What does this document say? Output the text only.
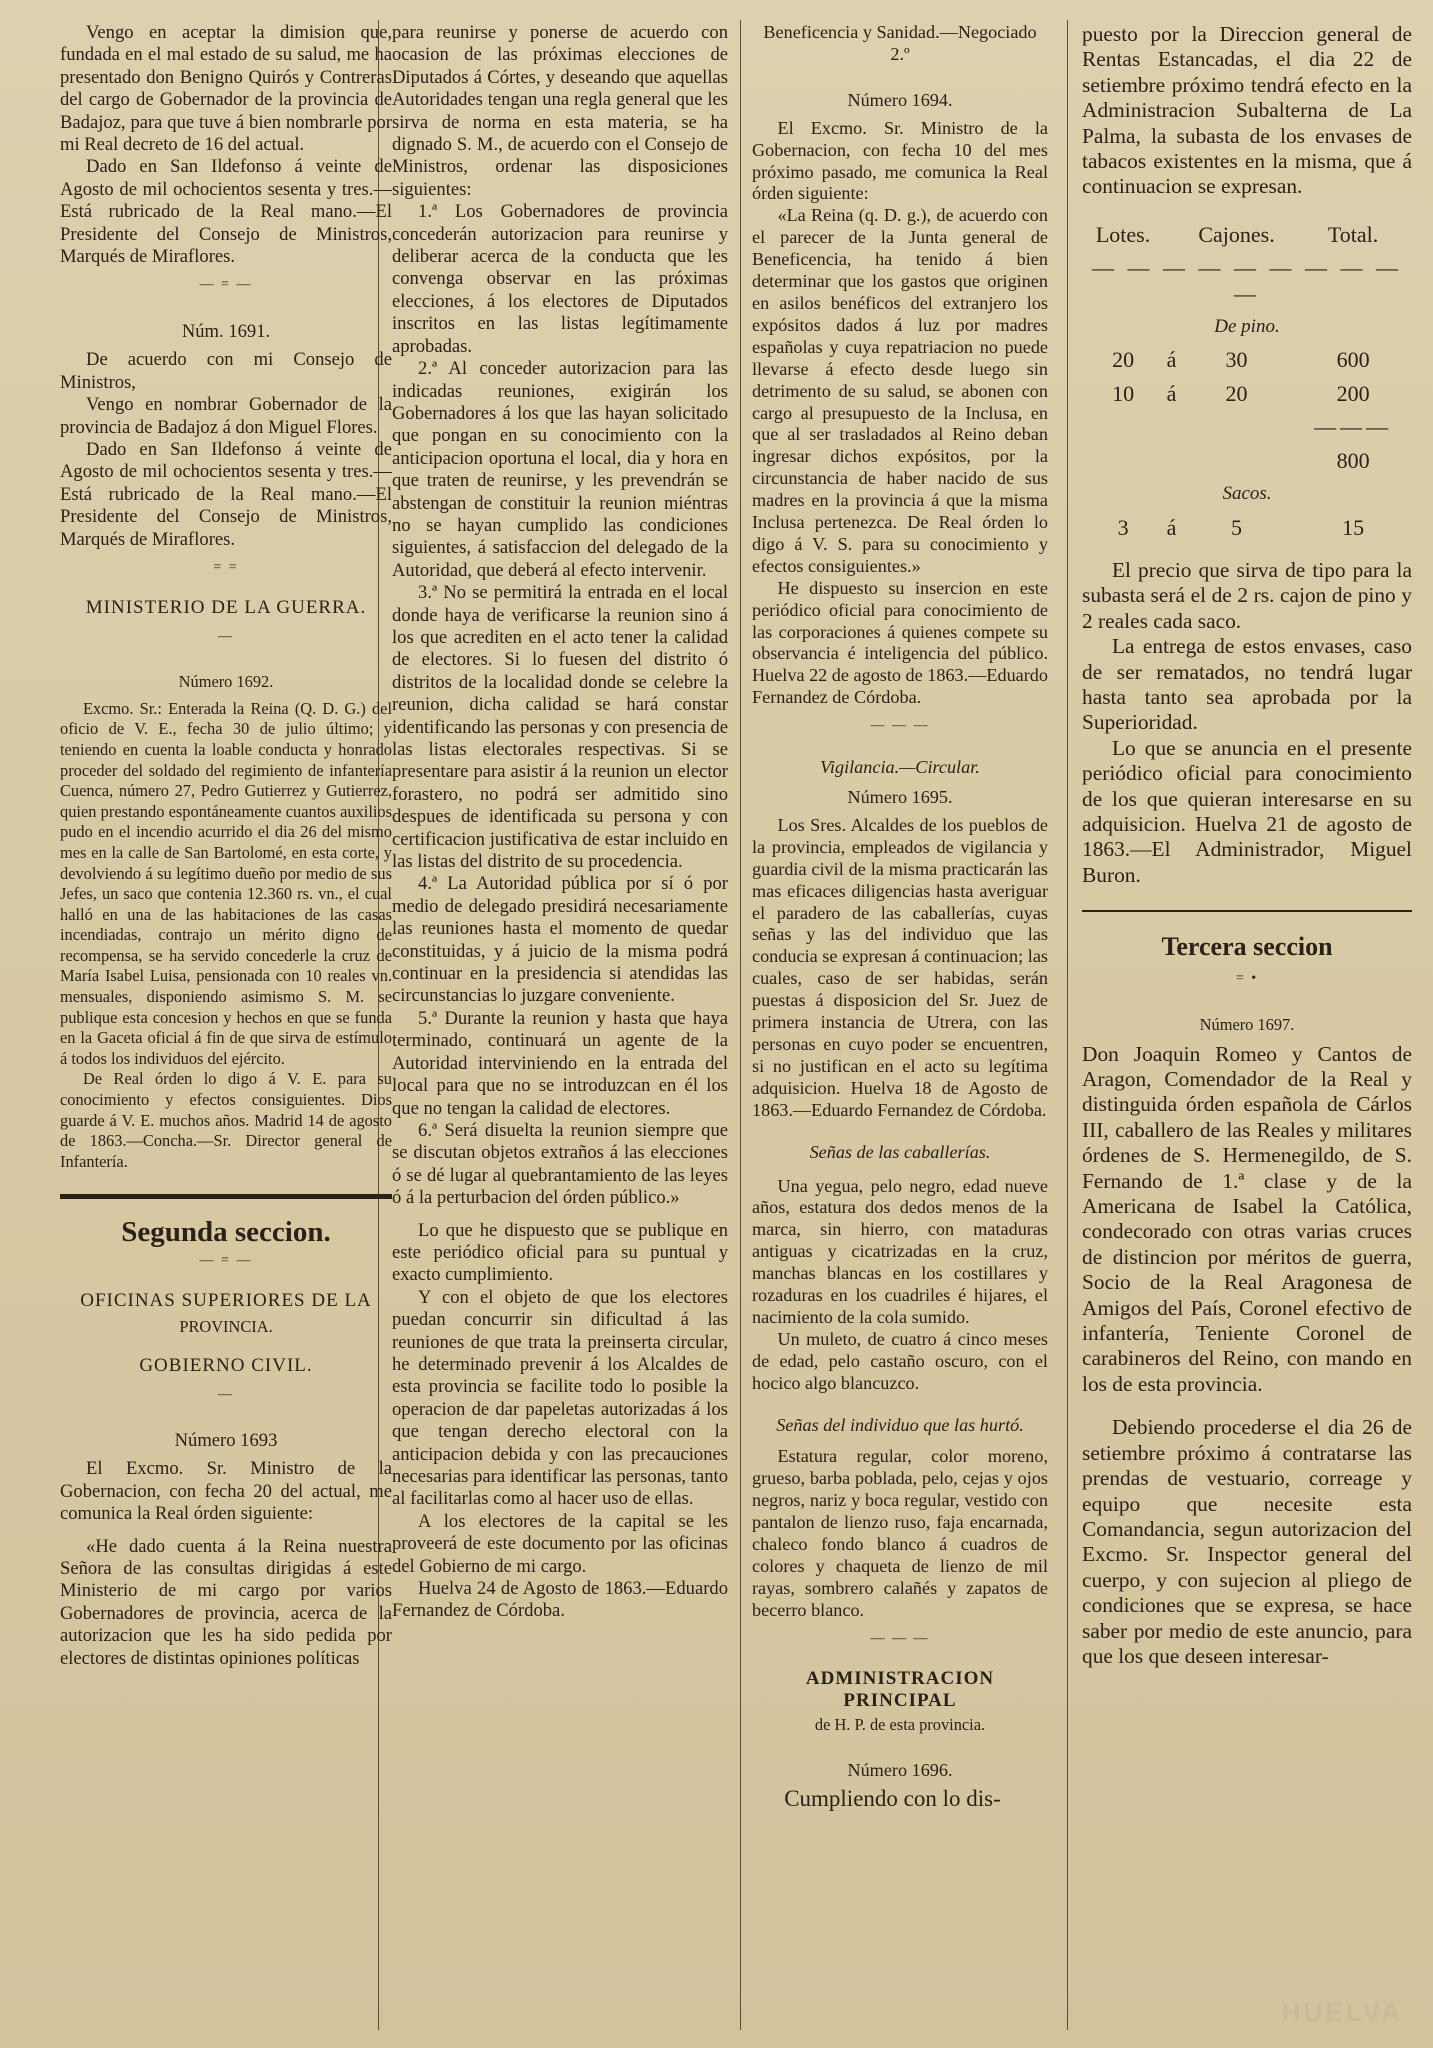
Vengo en aceptar la dimision que, fundada en el mal estado de su salud, me ha presentado don Benigno Quirós y Contreras del cargo de Gobernador de la provincia de Badajoz, para que tuve á bien nombrarle por mi Real decreto de 16 del actual.

Dado en San Ildefonso á veinte de Agosto de mil ochocientos sesenta y tres.—Está rubricado de la Real mano.—El Presidente del Consejo de Ministros, Marqués de Miraflores.

— = —

Núm. 1691.

De acuerdo con mi Consejo de Ministros,

Vengo en nombrar Gobernador de la provincia de Badajoz á don Miguel Flores.

Dado en San Ildefonso á veinte de Agosto de mil ochocientos sesenta y tres.—Está rubricado de la Real mano.—El Presidente del Consejo de Ministros, Marqués de Miraflores.

= =

MINISTERIO DE LA GUERRA.

—

Número 1692.

Excmo. Sr.: Enterada la Reina (Q. D. G.) del oficio de V. E., fecha 30 de julio último; y teniendo en cuenta la loable conducta y honrado proceder del soldado del regimiento de infantería Cuenca, número 27, Pedro Gutierrez y Gutierrez, quien prestando espontáneamente cuantos auxilios pudo en el incendio acurrido el dia 26 del mismo mes en la calle de San Bartolomé, en esta corte, y devolviendo á su legítimo dueño por medio de sus Jefes, un saco que contenia 12.360 rs. vn., el cual halló en una de las habitaciones de las casas incendiadas, contrajo un mérito digno de recompensa, se ha servido concederle la cruz de María Isabel Luisa, pensionada con 10 reales vn. mensuales, disponiendo asimismo S. M. se publique esta concesion y hechos en que se funda en la Gaceta oficial á fin de que sirva de estímulo á todos los individuos del ejército.

De Real órden lo digo á V. E. para su conocimiento y efectos consiguientes. Dios guarde á V. E. muchos años. Madrid 14 de agosto de 1863.—Concha.—Sr. Director general de Infantería.

Segunda seccion.

— = —

OFICINAS SUPERIORES DE LA

PROVINCIA.

GOBIERNO CIVIL.

—

Número 1693

El Excmo. Sr. Ministro de la Gobernacion, con fecha 20 del actual, me comunica la Real órden siguiente:

«He dado cuenta á la Reina nuestra Señora de las consultas dirigidas á este Ministerio de mi cargo por varios Gobernadores de provincia, acerca de la autorizacion que les ha sido pedida por electores de distintas opiniones políticas

para reunirse y ponerse de acuerdo con ocasion de las próximas elecciones de Diputados á Córtes, y deseando que aquellas Autoridades tengan una regla general que les sirva de norma en esta materia, se ha dignado S. M., de acuerdo con el Consejo de Ministros, ordenar las disposiciones siguientes:

1.ª Los Gobernadores de provincia concederán autorizacion para reunirse y deliberar acerca de la conducta que les convenga observar en las próximas elecciones, á los electores de Diputados inscritos en las listas legítimamente aprobadas.

2.ª Al conceder autorizacion para las indicadas reuniones, exigirán los Gobernadores á los que las hayan solicitado que pongan en su conocimiento con la anticipacion oportuna el local, dia y hora en que traten de reunirse, y les prevendrán se abstengan de constituir la reunion miéntras no se hayan cumplido las condiciones siguientes, á satisfaccion del delegado de la Autoridad, que deberá al efecto intervenir.

3.ª No se permitirá la entrada en el local donde haya de verificarse la reunion sino á los que acrediten en el acto tener la calidad de electores. Si lo fuesen del distrito ó distritos de la localidad donde se celebre la reunion, dicha calidad se hará constar identificando las personas y con presencia de las listas electorales respectivas. Si se presentare para asistir á la reunion un elector forastero, no podrá ser admitido sino despues de identificada su persona y con certificacion justificativa de estar incluido en las listas del distrito de su procedencia.

4.ª La Autoridad pública por sí ó por medio de delegado presidirá necesariamente las reuniones hasta el momento de quedar constituidas, y á juicio de la misma podrá continuar en la presidencia si atendidas las circunstancias lo juzgare conveniente.

5.ª Durante la reunion y hasta que haya terminado, continuará un agente de la Autoridad interviniendo en la entrada del local para que no se introduzcan en él los que no tengan la calidad de electores.

6.ª Será disuelta la reunion siempre que se discutan objetos extraños á las elecciones ó se dé lugar al quebrantamiento de las leyes ó á la perturbacion del órden público.»

Lo que he dispuesto que se publique en este periódico oficial para su puntual y exacto cumplimiento.

Y con el objeto de que los electores puedan concurrir sin dificultad á las reuniones de que trata la preinserta circular, he determinado prevenir á los Alcaldes de esta provincia se facilite todo lo posible la operacion de dar papeletas autorizadas á los que tengan derecho electoral con la anticipacion debida y con las precauciones necesarias para identificar las personas, tanto al facilitarlas como al hacer uso de ellas.

A los electores de la capital se les proveerá de este documento por las oficinas del Gobierno de mi cargo.

Huelva 24 de Agosto de 1863.—Eduardo Fernandez de Córdoba.

Beneficencia y Sanidad.—Negociado 2.º

Número 1694.

El Excmo. Sr. Ministro de la Gobernacion, con fecha 10 del mes próximo pasado, me comunica la Real órden siguiente:

«La Reina (q. D. g.), de acuerdo con el parecer de la Junta general de Beneficencia, ha tenido á bien determinar que los gastos que originen en asilos benéficos del extranjero los expósitos dados á luz por madres españolas y cuya repatriacion no puede llevarse á efecto desde luego sin detrimento de su salud, se abonen con cargo al presupuesto de la Inclusa, en que al ser trasladados al Reino deban ingresar dichos expósitos, por la circunstancia de haber nacido de sus madres en la provincia á que la misma Inclusa pertenezca. De Real órden lo digo á V. S. para su conocimiento y efectos consiguientes.»

He dispuesto su insercion en este periódico oficial para conocimiento de las corporaciones á quienes compete su observancia é inteligencia del público. Huelva 22 de agosto de 1863.—Eduardo Fernandez de Córdoba.

— — —

Vigilancia.—Circular.

Número 1695.

Los Sres. Alcaldes de los pueblos de la provincia, empleados de vigilancia y guardia civil de la misma practicarán las mas eficaces diligencias hasta averiguar el paradero de las caballerías, cuyas señas y las del individuo que las conducia se expresan á continuacion; las cuales, caso de ser habidas, serán puestas á disposicion del Sr. Juez de primera instancia de Utrera, con las personas en cuyo poder se encuentren, si no justifican en el acto su legítima adquisicion. Huelva 18 de Agosto de 1863.—Eduardo Fernandez de Córdoba.

Señas de las caballerías.

Una yegua, pelo negro, edad nueve años, estatura dos dedos menos de la marca, sin hierro, con mataduras antiguas y cicatrizadas en la cruz, manchas blancas en los costillares y rozaduras en los cuadriles é hijares, el nacimiento de la cola sumido.

Un muleto, de cuatro á cinco meses de edad, pelo castaño oscuro, con el hocico algo blancuzco.

Señas del individuo que las hurtó.

Estatura regular, color moreno, grueso, barba poblada, pelo, cejas y ojos negros, nariz y boca regular, vestido con pantalon de lienzo ruso, faja encarnada, chaleco fondo blanco á cuadros de colores y chaqueta de lienzo de mil rayas, sombrero calañés y zapatos de becerro blanco.

— — —

ADMINISTRACION PRINCIPAL

de H. P. de esta provincia.

Número 1696.

Cumpliendo con lo dis-

puesto por la Direccion general de Rentas Estancadas, el dia 22 de setiembre próximo tendrá efecto en la Administracion Subalterna de La Palma, la subasta de los envases de tabacos existentes en la misma, que á continuacion se expresan.

Lotes.		Cajones.	Total.
— — — — — — — — — —			
De pino.			
20	á	30	600
10	á	20	200
			———
			800
Sacos.			
3	á	5	15

El precio que sirva de tipo para la subasta será el de 2 rs. cajon de pino y 2 reales cada saco.

La entrega de estos envases, caso de ser rematados, no tendrá lugar hasta tanto sea aprobada por la Superioridad.

Lo que se anuncia en el presente periódico oficial para conocimiento de los que quieran interesarse en su adquisicion. Huelva 21 de agosto de 1863.—El Administrador, Miguel Buron.

Tercera seccion

= •

Número 1697.

Don Joaquin Romeo y Cantos de Aragon, Comendador de la Real y distinguida órden española de Cárlos III, caballero de las Reales y militares órdenes de S. Hermenegildo, de S. Fernando de 1.ª clase y de la Americana de Isabel la Católica, condecorado con otras varias cruces de distincion por méritos de guerra, Socio de la Real Aragonesa de Amigos del País, Coronel efectivo de infantería, Teniente Coronel de carabineros del Reino, con mando en los de esta provincia.

Debiendo procederse el dia 26 de setiembre próximo á contratarse las prendas de vestuario, correage y equipo que necesite esta Comandancia, segun autorizacion del Excmo. Sr. Inspector general del cuerpo, y con sujecion al pliego de condiciones que se expresa, se hace saber por medio de este anuncio, para que los que deseen interesar-

HUELVA
